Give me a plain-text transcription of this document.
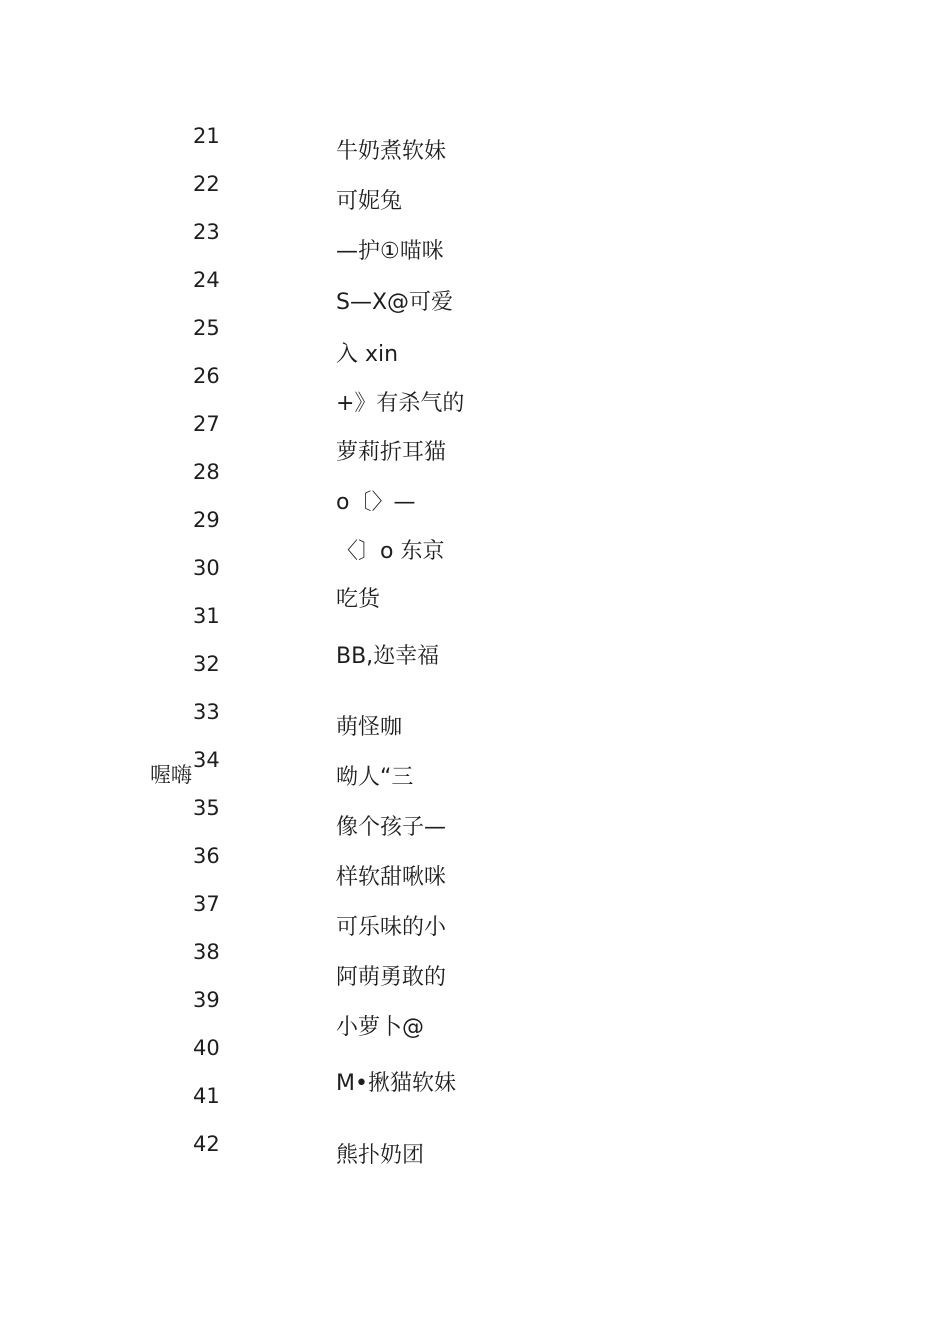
21
22
23
24
25
26
27
28
29
30
31
32
33
34
35
36
37
38
39
40
41
42
牛奶煮软妹
可妮兔
—护①喵咪
S—X@可爱
入 xin
+》有杀气的
萝莉折耳猫
o〔〉—
〈〕o 东京
吃货
BB,迩幸福
萌怪咖
呦人“三
像个孩子—
样软甜啾咪
可乐味的小
阿萌勇敢的
小萝卜@
M•揪猫软妹
熊扑奶团
喔嗨
